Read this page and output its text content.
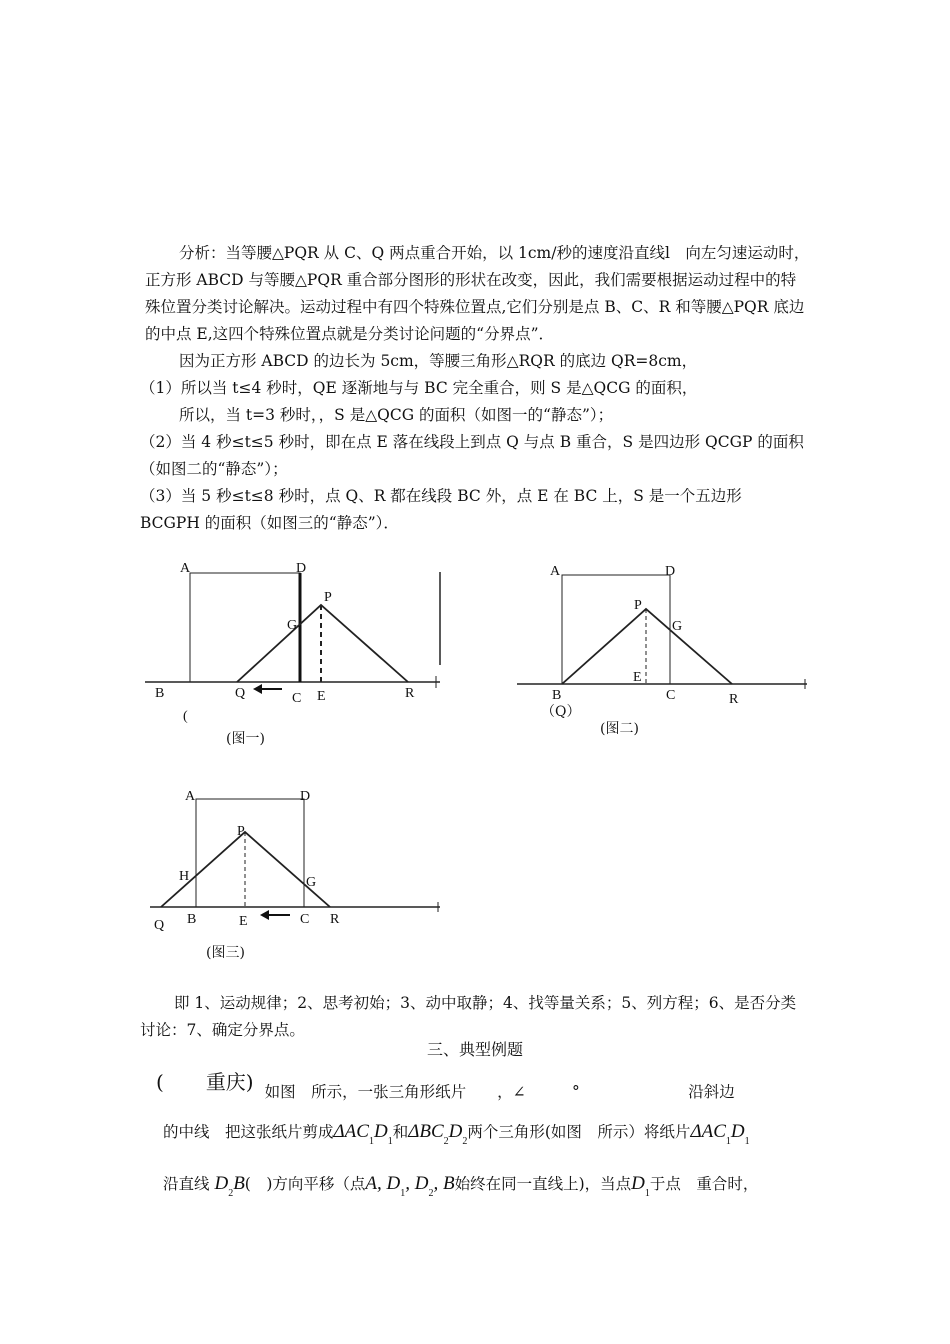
分析：当等腰△PQR 从 C、Q 两点重合开始，以 1cm/秒的速度沿直线l　向左匀速运动时，正方形 ABCD 与等腰△PQR 重合部分图形的形状在改变，因此，我们需要根据运动过程中的特殊位置分类讨论解决。运动过程中有四个特殊位置点,它们分别是点 B、C、R 和等腰△PQR 底边的中点 E,这四个特殊位置点就是分类讨论问题的“分界点”．
因为正方形 ABCD 的边长为 5cm，等腰三角形△RQR 的底边 QR=8cm，
（1）所以当 t≤4 秒时，QE 逐渐地与与 BC 完全重合，则 S 是△QCG 的面积，
所以，当 t=3 秒时，，S 是△QCG 的面积（如图一的“静态”）；
（2）当 4 秒≤t≤5 秒时，即在点 E 落在线段上到点 Q 与点 B 重合，S 是四边形 QCGP 的面积（如图二的“静态”）；
（3）当 5 秒≤t≤8 秒时，点 Q、R 都在线段 BC 外，点 E 在 BC 上，S 是一个五边形 BCGPH 的面积（如图三的“静态”）．
A	D
P
G
B	Q	C E	R
(
(图一)
A	D
P
G
E
B	C	R
（Q）
(图二)
A	D
P
H	G
Q B	E	C R
(图三)
即 1、运动规律；2、思考初始；3、动中取静；4、找等量关系；5、列方程；6、是否分类讨论：7、确定分界点。
三、典型例题
( 重庆) 如图　所示，一张三角形纸片　　，∠　　　°　　　　　　　沿斜边
的中线　把这张纸片剪成$\Delta AC_1D_1$和$\Delta BC_2D_2$两个三角形(如图　所示）将纸片$\Delta AC_1D_1$
沿直线 $D_2B$(　)方向平移（点A, $D_1$, $D_2$, B始终在同一直线上)，当点$D_1$于点　重合时，
